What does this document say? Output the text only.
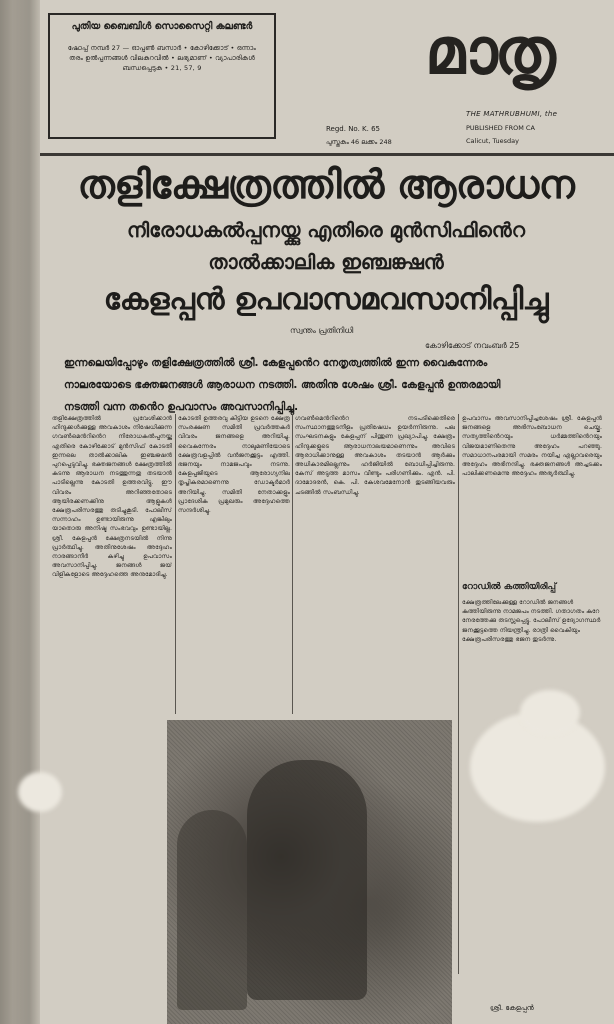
പുതിയ ബൈബിൾ സൊസൈറ്റി കലണ്ടർ
ഷോപ്പ് നമ്പർ 27 — ഓപ്പൺ ബസാർ • കോഴിക്കോട് • ഒന്നാം തരം ഉൽപ്പന്നങ്ങൾ വിലകുറവിൽ • ലഭ്യമാണ് • വ്യാപാരികൾ ബന്ധപ്പെടുക • 21, 57, 9	മാതൃ
THE MATHRUBHUMI, the
PUBLISHED FROM CA
Calicut, Tuesday
Regd. No. K. 65
പുസ്തകം 46 ലക്കം 248
തളിക്ഷേത്രത്തിൽ ആരാധന
നിരോധകൽപ്പനയ്ക്കു എതിരെ മുൻസിഫിൻെറ
താൽക്കാലിക ഇഞ്ചങ്ക്ഷൻ
കേളപ്പൻ ഉപവാസമവസാനിപ്പിച്ചു
സ്വന്തം പ്രതിനിധി
കോഴിക്കോട് നവംബർ 25
ഇന്നലെയിപ്പോഴും തളിക്ഷേത്രത്തിൽ ശ്രീ. കേളപ്പൻെറ നേതൃത്വത്തിൽ ഇന്ന വൈകുന്നേരം
നാലരയോടെ ഭക്തജനങ്ങൾ ആരാധന നടത്തി. അതിനു ശേഷം ശ്രീ. കേളപ്പൻ ഉന്തരമായി
നടത്തി വന്ന തൻെറ ഉപവാസം അവസാനിപ്പിച്ചു.

തളിക്ഷേത്രത്തിൽ പ്രവേശിക്കാൻ ഹിന്ദുക്കൾക്കുള്ള അവകാശം നിഷേധിക്കുന്ന ഗവൺമെൻറിൻെറ നിരോധകൽപ്പനയ്ക്കു എതിരെ കോഴിക്കോട് മുൻസിഫ് കോടതി ഇന്നലെ താൽക്കാലിക ഇഞ്ചങ്ക്ഷൻ പുറപ്പെടുവിച്ചു. ഭക്തജനങ്ങൾ ക്ഷേത്രത്തിൽ കടന്നു ആരാധന നടത്തുന്നതു തടയാൻ പാടില്ലെന്നു കോടതി ഉത്തരവിട്ടു. ഈ വിവരം അറിഞ്ഞതോടെ ആയിരക്കണക്കിനു ആളുകൾ ക്ഷേത്രപരിസരത്തു തടിച്ചുകൂടി. പോലീസ് സന്നാഹം ഉണ്ടായിരുന്നു എങ്കിലും യാതൊരു അനിഷ്ട സംഭവവും ഉണ്ടായില്ല. ശ്രീ. കേളപ്പൻ ക്ഷേത്രനടയിൽ നിന്നു പ്രാർത്ഥിച്ചു. അതിനുശേഷം അദ്ദേഹം നാരങ്ങാനീർ കഴിച്ചു ഉപവാസം അവസാനിപ്പിച്ചു. ജനങ്ങൾ ജയ് വിളികളോടെ അദ്ദേഹത്തെ അനുമോദിച്ചു.

കോടതി ഉത്തരവു കിട്ടിയ ഉടനെ ക്ഷേത്ര സംരക്ഷണ സമിതി പ്രവർത്തകർ വിവരം ജനങ്ങളെ അറിയിച്ചു. വൈകുന്നേരം നാലുമണിയോടെ ക്ഷേത്രവളപ്പിൽ വൻജനക്കൂട്ടം എത്തി. ഭജനയും നാമജപവും നടന്നു. കേളപ്പജിയുടെ ആരോഗ്യനില തൃപ്തികരമാണെന്നു ഡോക്ടർമാർ അറിയിച്ചു. സമിതി നേതാക്കളും പ്രാദേശിക പ്രമുഖരും അദ്ദേഹത്തെ സന്ദർശിച്ചു.

ഗവൺമെൻറിൻെറ നടപടിക്കെതിരെ സംസ്ഥാനത്തുടനീളം പ്രതിഷേധം ഉയർന്നിരുന്നു. പല സംഘടനകളും കേളപ്പന് പിന്തുണ പ്രഖ്യാപിച്ചു. ക്ഷേത്രം ഹിന്ദുക്കളുടെ ആരാധനാലയമാണെന്നും അവിടെ ആരാധിക്കാനുള്ള അവകാശം തടയാൻ ആർക്കും അധികാരമില്ലെന്നും ഹർജിയിൽ ബോധിപ്പിച്ചിരുന്നു. കേസ് അടുത്ത മാസം വീണ്ടും പരിഗണിക്കും. എൻ. പി. ദാമോദരൻ, കെ. പി. കേശവമേനോൻ തുടങ്ങിയവരും ചടങ്ങിൽ സംബന്ധിച്ചു.

ഉപവാസം അവസാനിപ്പിച്ചശേഷം ശ്രീ. കേളപ്പൻ ജനങ്ങളെ അഭിസംബോധന ചെയ്തു. സത്യത്തിൻെറയും ധർമ്മത്തിൻെറയും വിജയമാണിതെന്നു അദ്ദേഹം പറഞ്ഞു. സമാധാനപരമായി സമരം നയിച്ച എല്ലാവരെയും അദ്ദേഹം അഭിനന്ദിച്ചു. ഭക്തജനങ്ങൾ അച്ചടക്കം പാലിക്കണമെന്നു അദ്ദേഹം അഭ്യർത്ഥിച്ചു.

റോഡിൽ കത്തിയിരിപ്പ്

ക്ഷേത്രത്തിലേക്കുള്ള റോഡിൽ ജനങ്ങൾ കുത്തിയിരുന്നു നാമജപം നടത്തി. ഗതാഗതം കുറേ നേരത്തേക്കു തടസ്സപ്പെട്ടു. പോലീസ് ഉദ്യോഗസ്ഥർ ജനക്കൂട്ടത്തെ നിയന്ത്രിച്ചു. രാത്രി വൈകിയും ക്ഷേത്രപരിസരത്തു ഭജന തുടർന്നു.

ശ്രീ. കേളപ്പൻ
